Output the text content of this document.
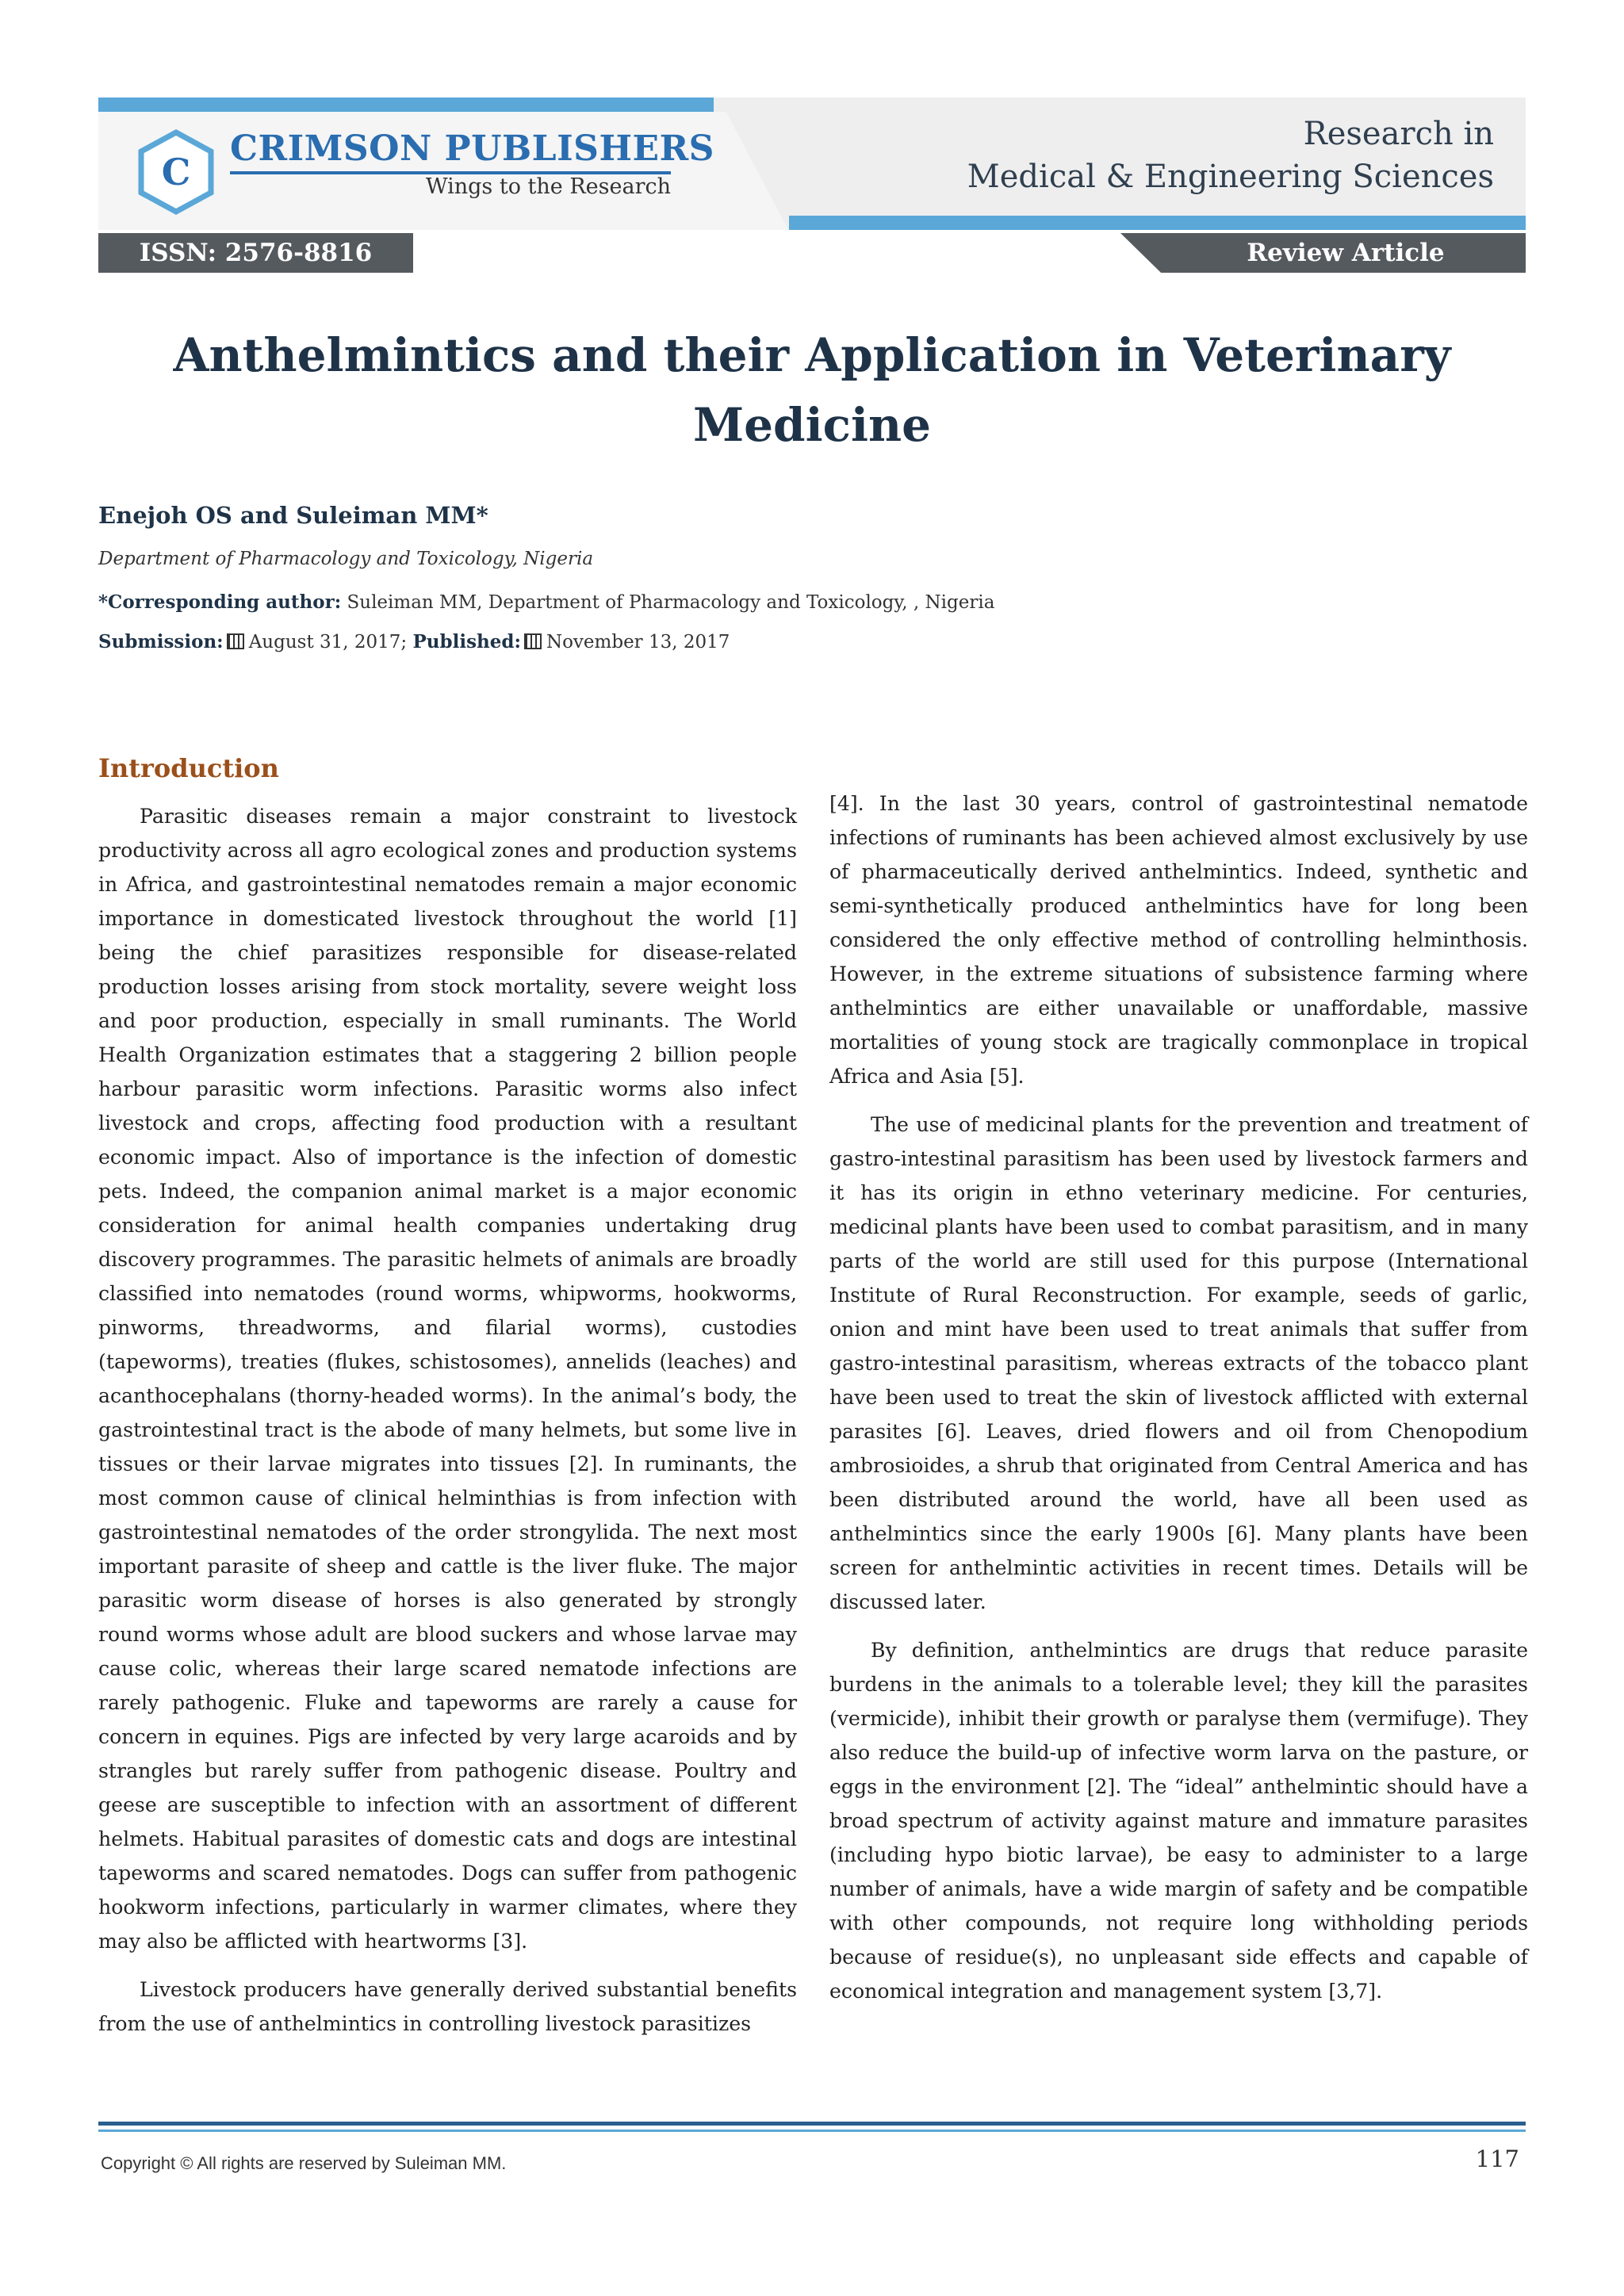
C
CRIMSON PUBLISHERS
Wings to the Research
Research in
Medical & Engineering Sciences
ISSN: 2576-8816	Review Article
Anthelmintics and their Application in Veterinary
Medicine
Enejoh OS and Suleiman MM*
Department of Pharmacology and Toxicology, Nigeria
*Corresponding author: Suleiman MM, Department of Pharmacology and Toxicology, , Nigeria
Submission: August 31, 2017; Published: November 13, 2017
Introduction

Parasitic diseases remain a major constraint to livestock productivity across all agro ecological zones and production systems in Africa, and gastrointestinal nematodes remain a major economic importance in domesticated livestock throughout the world [1] being the chief parasitizes responsible for disease-related production losses arising from stock mortality, severe weight loss and poor production, especially in small ruminants. The World Health Organization estimates that a staggering 2 billion people harbour parasitic worm infections. Parasitic worms also infect livestock and crops, affecting food production with a resultant economic impact. Also of importance is the infection of domestic pets. Indeed, the companion animal market is a major economic consideration for animal health companies undertaking drug discovery programmes. The parasitic helmets of animals are broadly classified into nematodes (round worms, whipworms, hookworms, pinworms, threadworms, and filarial worms), custodies (tapeworms), treaties (flukes, schistosomes), annelids (leaches) and acanthocephalans (thorny-headed worms). In the animal’s body, the gastrointestinal tract is the abode of many helmets, but some live in tissues or their larvae migrates into tissues [2]. In ruminants, the most common cause of clinical helminthias is from infection with gastrointestinal nematodes of the order strongylida. The next most important parasite of sheep and cattle is the liver fluke. The major parasitic worm disease of horses is also generated by strongly round worms whose adult are blood suckers and whose larvae may cause colic, whereas their large scared nematode infections are rarely pathogenic. Fluke and tapeworms are rarely a cause for concern in equines. Pigs are infected by very large acaroids and by strangles but rarely suffer from pathogenic disease. Poultry and geese are susceptible to infection with an assortment of different helmets. Habitual parasites of domestic cats and dogs are intestinal tapeworms and scared nematodes. Dogs can suffer from pathogenic hookworm infections, particularly in warmer climates, where they may also be afflicted with heartworms [3].

Livestock producers have generally derived substantial benefits from the use of anthelmintics in controlling livestock parasitizes

[4]. In the last 30 years, control of gastrointestinal nematode infections of ruminants has been achieved almost exclusively by use of pharmaceutically derived anthelmintics. Indeed, synthetic and semi-synthetically produced anthelmintics have for long been considered the only effective method of controlling helminthosis. However, in the extreme situations of subsistence farming where anthelmintics are either unavailable or unaffordable, massive mortalities of young stock are tragically commonplace in tropical Africa and Asia [5].

The use of medicinal plants for the prevention and treatment of gastro-intestinal parasitism has been used by livestock farmers and it has its origin in ethno veterinary medicine. For centuries, medicinal plants have been used to combat parasitism, and in many parts of the world are still used for this purpose (International Institute of Rural Reconstruction. For example, seeds of garlic, onion and mint have been used to treat animals that suffer from gastro-intestinal parasitism, whereas extracts of the tobacco plant have been used to treat the skin of livestock afflicted with external parasites [6]. Leaves, dried flowers and oil from Chenopodium ambrosioides, a shrub that originated from Central America and has been distributed around the world, have all been used as anthelmintics since the early 1900s [6]. Many plants have been screen for anthelmintic activities in recent times. Details will be discussed later.

By definition, anthelmintics are drugs that reduce parasite burdens in the animals to a tolerable level; they kill the parasites (vermicide), inhibit their growth or paralyse them (vermifuge). They also reduce the build-up of infective worm larva on the pasture, or eggs in the environment [2]. The “ideal” anthelmintic should have a broad spectrum of activity against mature and immature parasites (including hypo biotic larvae), be easy to administer to a large number of animals, have a wide margin of safety and be compatible with other compounds, not require long withholding periods because of residue(s), no unpleasant side effects and capable of economical integration and management system [3,7].

Copyright © All rights are reserved by Suleiman MM.	117
